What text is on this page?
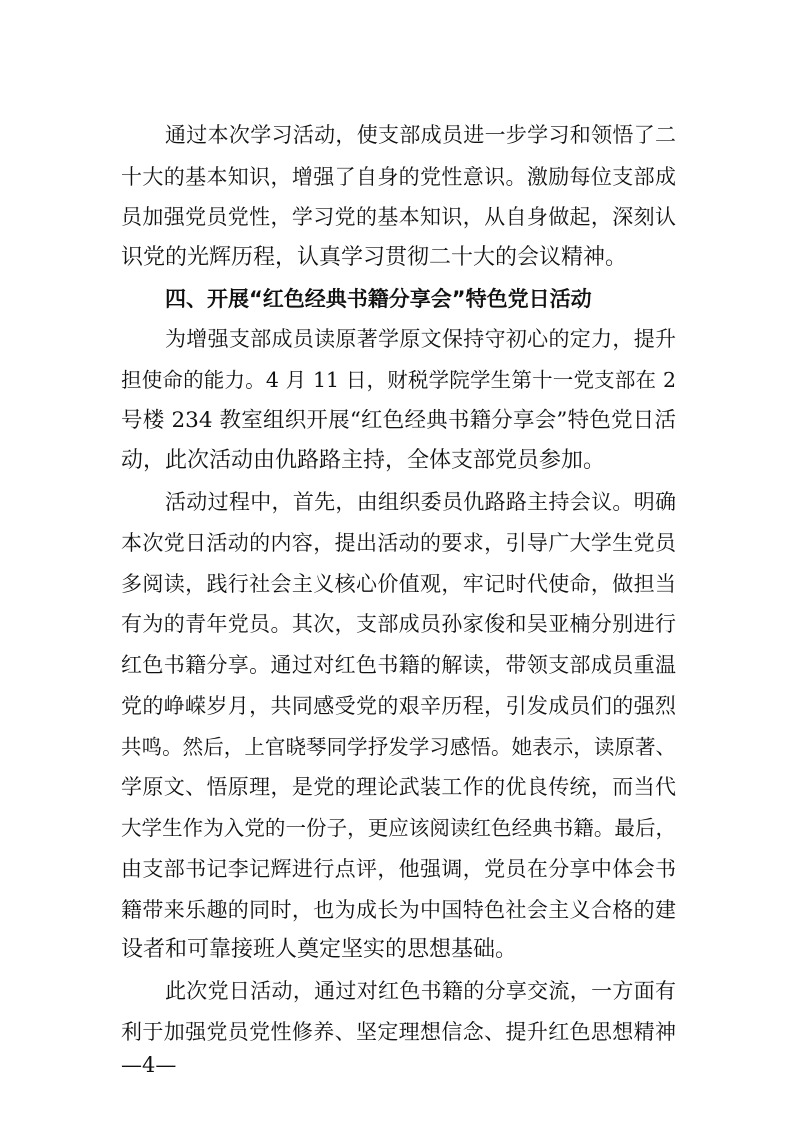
通过本次学习活动，使支部成员进一步学习和领悟了二
十大的基本知识，增强了自身的党性意识。激励每位支部成
员加强党员党性，学习党的基本知识，从自身做起，深刻认
识党的光辉历程，认真学习贯彻二十大的会议精神。
四、开展“红色经典书籍分享会”特色党日活动
为增强支部成员读原著学原文保持守初心的定力，提升
担使命的能力。4 月 11 日，财税学院学生第十一党支部在 2
号楼 234 教室组织开展“红色经典书籍分享会”特色党日活
动，此次活动由仇路路主持，全体支部党员参加。
活动过程中，首先，由组织委员仇路路主持会议。明确
本次党日活动的内容，提出活动的要求，引导广大学生党员
多阅读，践行社会主义核心价值观，牢记时代使命，做担当
有为的青年党员。其次，支部成员孙家俊和吴亚楠分别进行
红色书籍分享。通过对红色书籍的解读，带领支部成员重温
党的峥嵘岁月，共同感受党的艰辛历程，引发成员们的强烈
共鸣。然后，上官晓琴同学抒发学习感悟。她表示，读原著、
学原文、悟原理，是党的理论武装工作的优良传统，而当代
大学生作为入党的一份子，更应该阅读红色经典书籍。最后，
由支部书记李记辉进行点评，他强调，党员在分享中体会书
籍带来乐趣的同时，也为成长为中国特色社会主义合格的建
设者和可靠接班人奠定坚实的思想基础。
此次党日活动，通过对红色书籍的分享交流，一方面有
利于加强党员党性修养、坚定理想信念、提升红色思想精神
—4—
